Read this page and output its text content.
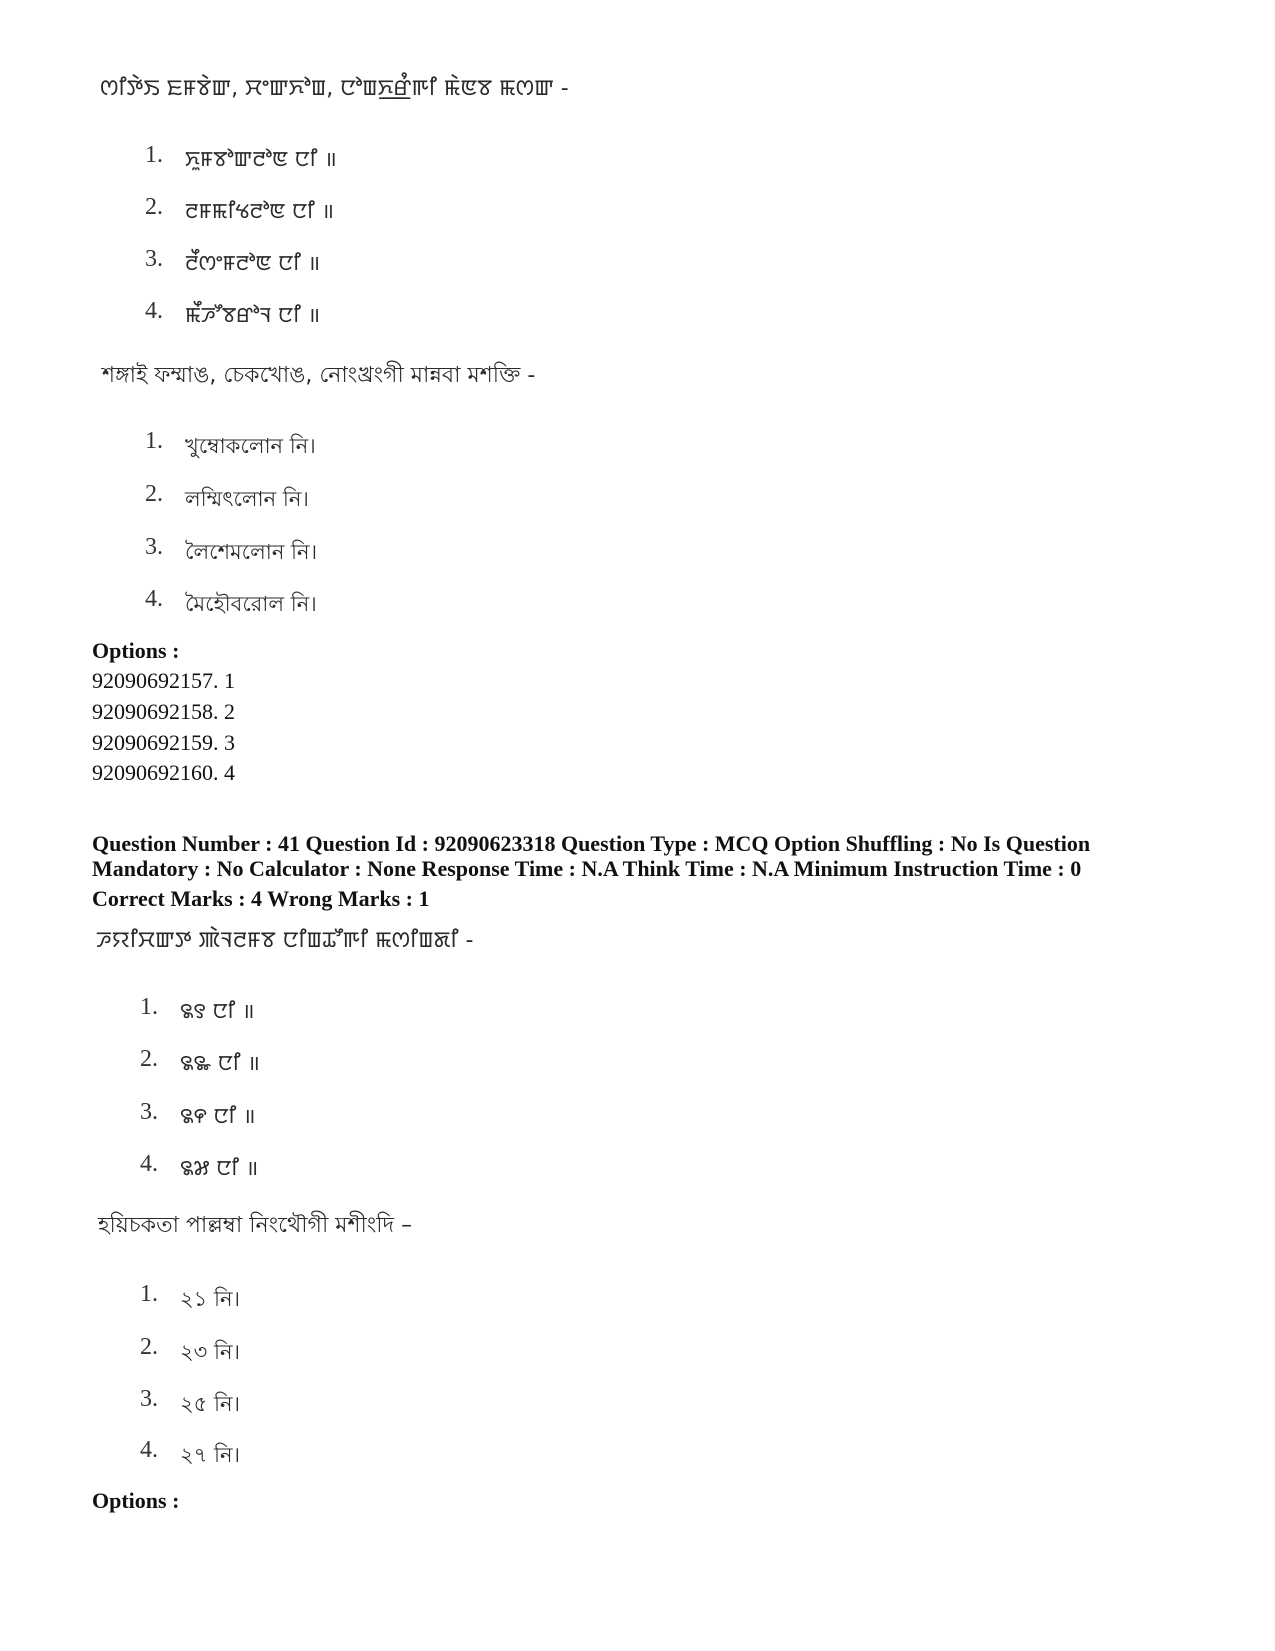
ꯁꯤꯇꯥꯏ ꯐꯝꯕꯥꯛ, ꯆꯦꯛꯈꯣꯡ, ꯅꯣꯡꯈ꯭ꯔꯪꯒꯤ ꯃꯥꯟꯕ ꯃꯁꯛ -
1. ꯈꯨꯝꯕꯣꯛꯂꯣꯟ ꯅꯤ ॥
2. ꯂꯝꯃꯤꯠꯂꯣꯟ ꯅꯤ ॥
3. ꯂꯩꯁꯦꯝꯂꯣꯟ ꯅꯤ ॥
4. ꯃꯩꯍꯧꯕꯔꯣꯜ ꯅꯤ ॥
শঙ্গাই ফম্মাঙ, চেকখোঙ, নোংখ্রংগী মান্নবা মশক্তি -
1. খুম্বোকলোন নি।
2. লম্মিৎলোন নি।
3. লৈশেমলোন নি।
4. মৈহৌবরোল নি।
Options :
92090692157. 1
92090692158. 2
92090692159. 3
92090692160. 4
Question Number : 41 Question Id : 92090623318 Question Type : MCQ Option Shuffling : No Is Question
Mandatory : No Calculator : None Response Time : N.A Think Time : N.A Minimum Instruction Time : 0
Correct Marks : 4 Wrong Marks : 1
ꯍꯌꯤꯆꯛꯇ ꯄꯥꯜꯂꯝꯕ ꯅꯤꯡꯊꯧꯒꯤ ꯃꯁꯤꯡꯗꯤ -
1. ꯲꯱ ꯅꯤ ॥
2. ꯲꯳ ꯅꯤ ॥
3. ꯲꯵ ꯅꯤ ॥
4. ꯲꯷ ꯅꯤ ॥
হয়িচকতা পাল্লম্বা নিংথৌগী মশীংদি –
1. ২১ নি।
2. ২৩ নি।
3. ২৫ নি।
4. ২৭ নি।
Options :
